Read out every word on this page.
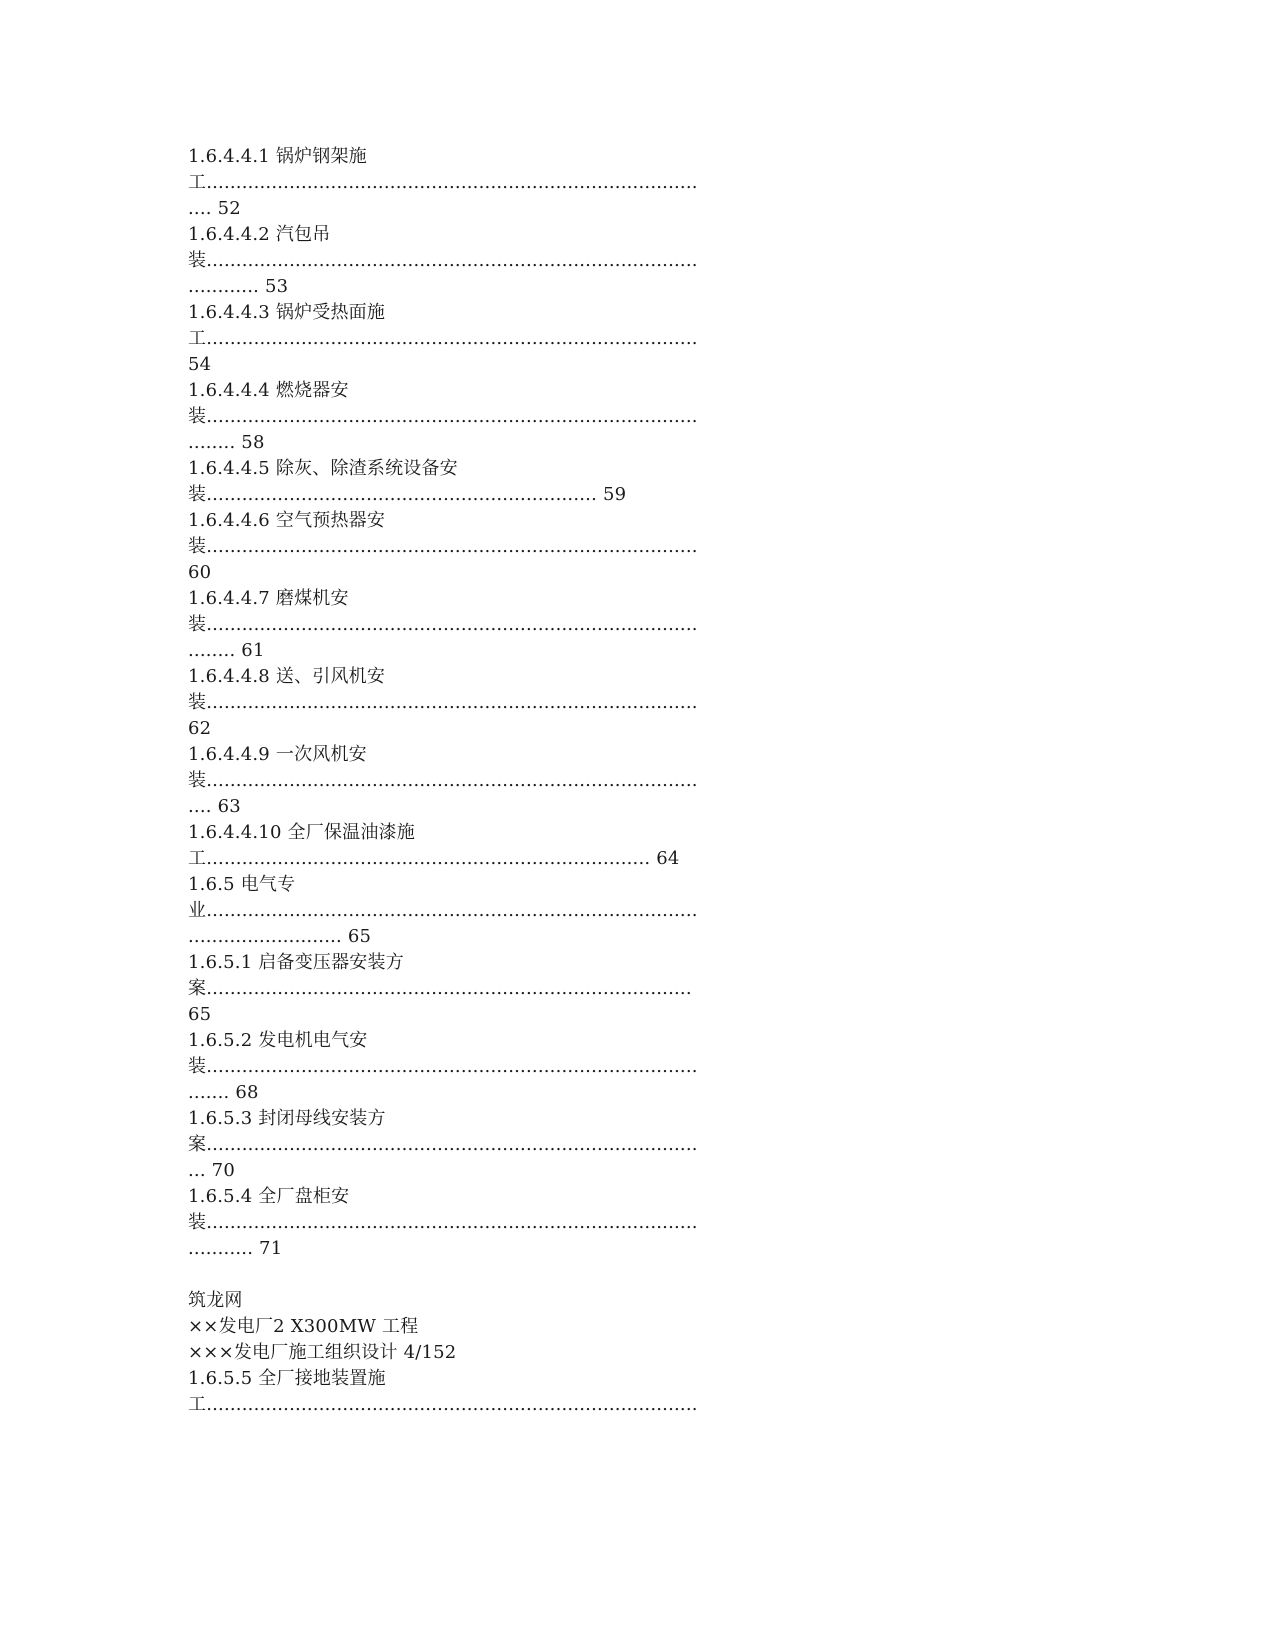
1.6.4.4.1 锅炉钢架施
工...................................................................................
.... 52
1.6.4.4.2 汽包吊
装...................................................................................
............ 53
1.6.4.4.3 锅炉受热面施
工...................................................................................
54
1.6.4.4.4 燃烧器安
装...................................................................................
........ 58
1.6.4.4.5 除灰、除渣系统设备安
装.................................................................. 59
1.6.4.4.6 空气预热器安
装...................................................................................
60
1.6.4.4.7 磨煤机安
装...................................................................................
........ 61
1.6.4.4.8 送、引风机安
装...................................................................................
62
1.6.4.4.9 一次风机安
装...................................................................................
.... 63
1.6.4.4.10 全厂保温油漆施
工........................................................................... 64
1.6.5 电气专
业...................................................................................
.......................... 65
1.6.5.1 启备变压器安装方
案..................................................................................
65
1.6.5.2 发电机电气安
装...................................................................................
....... 68
1.6.5.3 封闭母线安装方
案...................................................................................
... 70
1.6.5.4 全厂盘柜安
装...................................................................................
........... 71
筑龙网
××发电厂2 X300MW 工程
×××发电厂施工组织设计 4/152
1.6.5.5 全厂接地装置施
工...................................................................................
